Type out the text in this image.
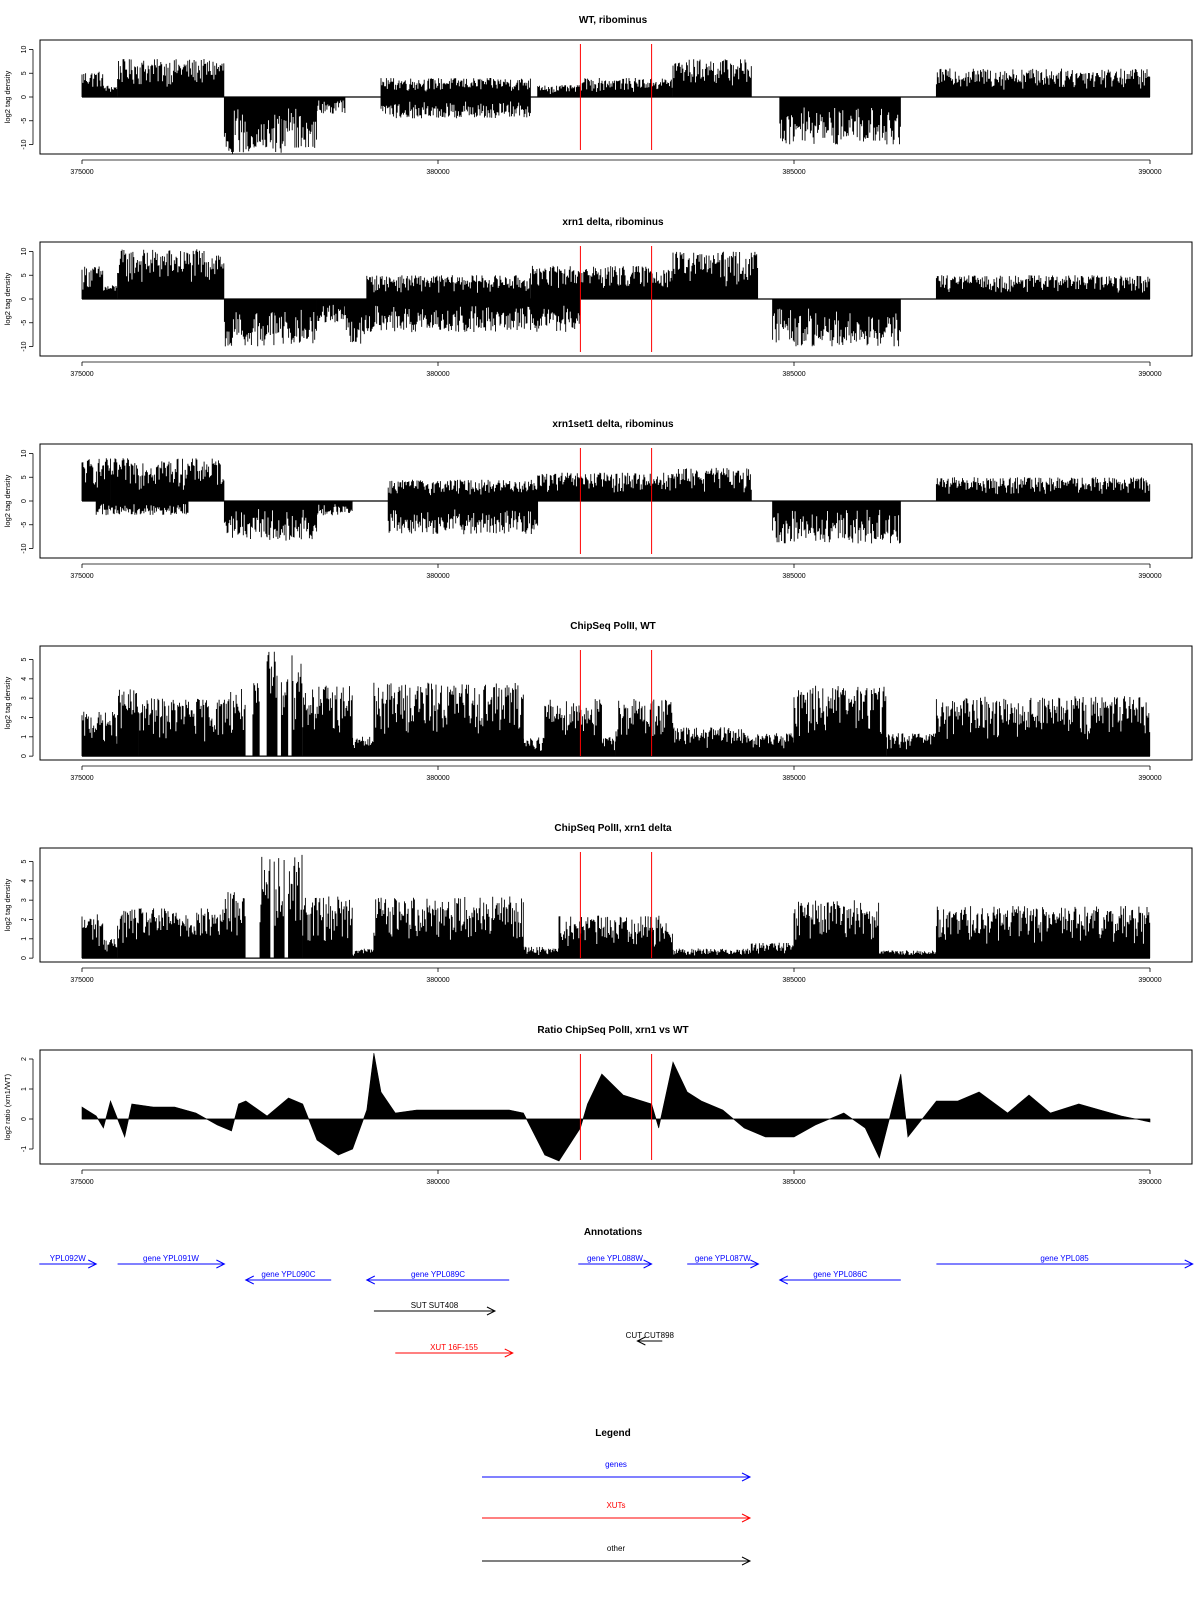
WT, ribominus
-10
-5
0
5
10
log2 tag density
375000	380000	385000	390000
xrn1 delta, ribominus
-10
-5
0
5
10
log2 tag density
375000	380000	385000	390000
xrn1set1 delta, ribominus
-10
-5
0
5
10
log2 tag density
375000	380000	385000	390000
ChipSeq PolII, WT
0
1
2
3
4
5
log2 tag density
375000	380000	385000	390000
ChipSeq PolII, xrn1 delta
0
1
2
3
4
5
log2 tag density
375000	380000	385000	390000
Ratio ChipSeq PolII, xrn1 vs WT
-1
0
1
2
log2 ratio (xrn1/WT)
375000	380000	385000	390000
Annotations
YPL092W	gene YPL091W
gene YPL090C	gene YPL089C
gene YPL088W	gene YPL087W
gene YPL086C
gene YPL085
SUT SUT408
CUT CUT898
XUT 16F-155
Legend
genes
XUTs
other
